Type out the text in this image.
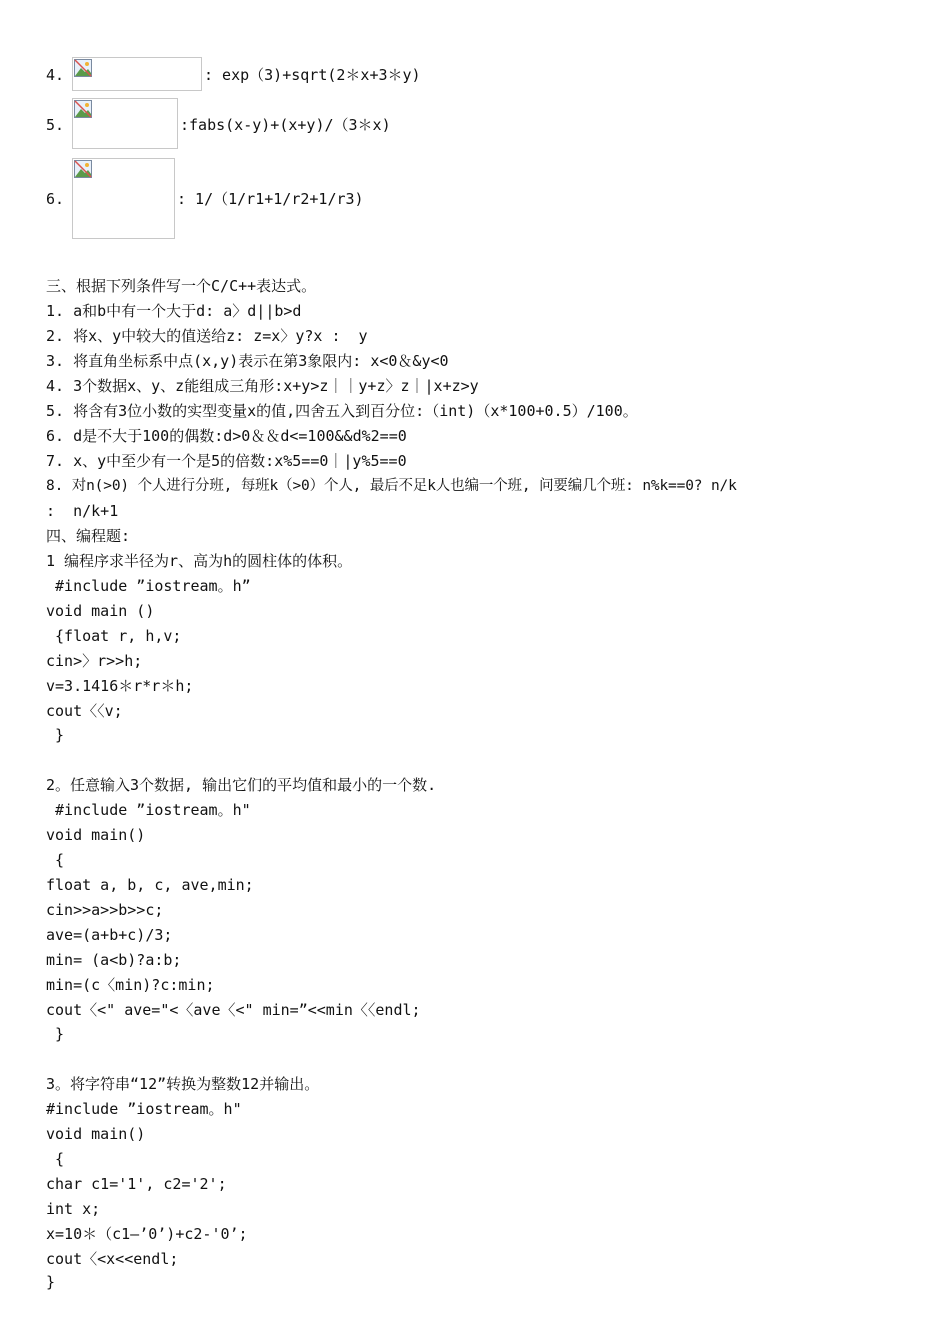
4.	: exp（3)+sqrt(2＊x+3＊y)
5.	:fabs(x-y)+(x+y)/（3＊x)
6.	: 1/（1/r1+1/r2+1/r3)
三、根据下列条件写一个C/C++表达式。
1. a和b中有一个大于d: a〉d||b>d
2. 将x、y中较大的值送给z: z=x〉y?x :  y
3. 将直角坐标系中点(x,y)表示在第3象限内: x<0＆&y<0
4. 3个数据x、y、z能组成三角形:x+y>z｜｜y+z〉z｜|x+z>y
5. 将含有3位小数的实型变量x的值,四舍五入到百分位:（int)（x*100+0.5）/100。
6. d是不大于100的偶数:d>0＆＆d<=100&&d%2==0
7. x、y中至少有一个是5的倍数:x%5==0｜|y%5==0
8. 对n(>0) 个人进行分班, 每班k（>0）个人, 最后不足k人也编一个班, 问要编几个班: n%k==0? n/k
:  n/k+1
四、编程题:
1 编程序求半径为r、高为h的圆柱体的体积。
#include ”iostream。h”
void main ()
{float r, h,v;
cin>〉r>>h;
v=3.1416＊r*r＊h;
cout〈〈v;
}
2。任意输入3个数据, 输出它们的平均值和最小的一个数.
#include ”iostream。h"
void main()
{
float a, b, c, ave,min;
cin>>a>>b>>c;
ave=(a+b+c)/3;
min= (a<b)?a:b;
min=(c〈min)?c:min;
cout〈<" ave="<〈ave〈<" min=”<<min〈〈endl;
}
3。将字符串“12”转换为整数12并输出。
#include ”iostream。h"
void main()
{
char c1='1', c2='2';
int x;
x=10＊（c1—’0’)+c2-'0’;
cout〈<x<<endl;
}
